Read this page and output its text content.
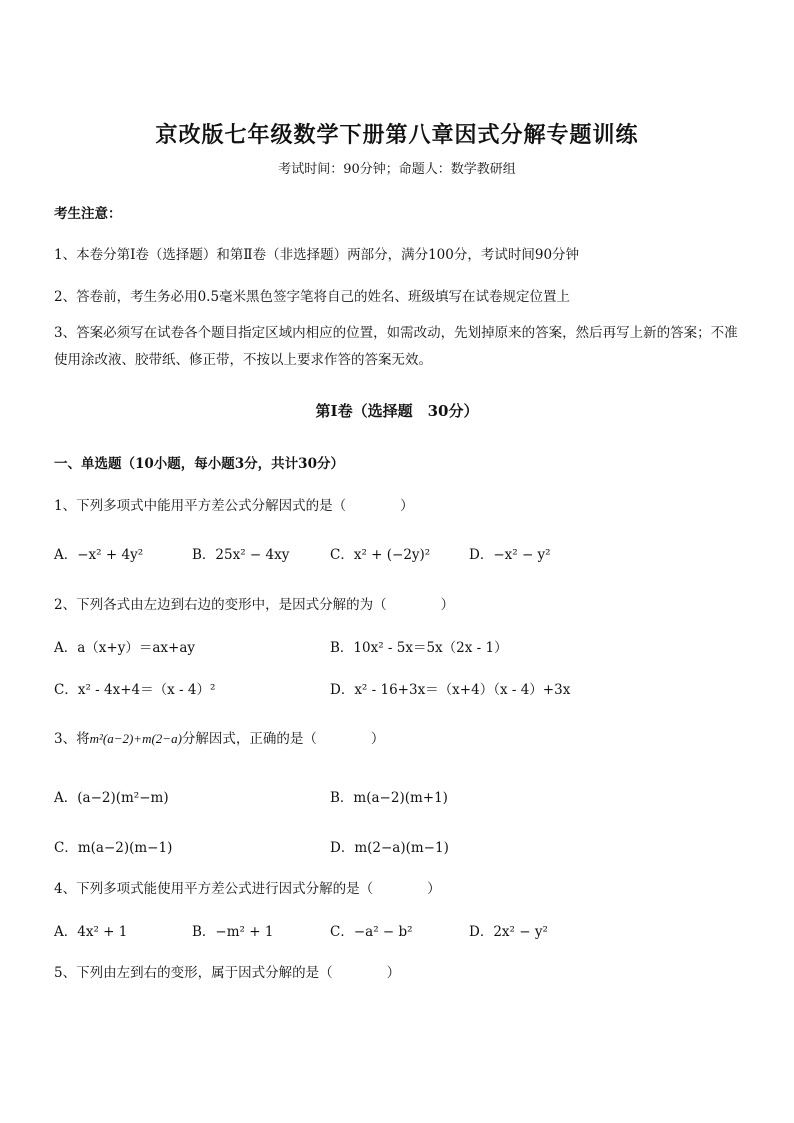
京改版七年级数学下册第八章因式分解专题训练
考试时间：90分钟；命题人：数学教研组
考生注意：
1、本卷分第Ⅰ卷（选择题）和第Ⅱ卷（非选择题）两部分，满分100分，考试时间90分钟
2、答卷前，考生务必用0.5毫米黑色签字笔将自己的姓名、班级填写在试卷规定位置上
3、答案必须写在试卷各个题目指定区域内相应的位置，如需改动，先划掉原来的答案，然后再写上新的答案；不准使用涂改液、胶带纸、修正带，不按以上要求作答的答案无效。
第Ⅰ卷（选择题　30分）
一、单选题（10小题，每小题3分，共计30分）
1、下列多项式中能用平方差公式分解因式的是（　　　　）
A．−x² + 4y²	B．25x² − 4xy	C．x² + (−2y)²	D．−x² − y²
2、下列各式由左边到右边的变形中，是因式分解的为（　　　　）
A．a（x+y）＝ax+ay	B．10x² - 5x＝5x（2x - 1）
C．x² - 4x+4＝（x - 4）²	D．x² - 16+3x＝（x+4）（x - 4）+3x
3、将m²(a−2)+m(2−a)分解因式，正确的是（　　　　）
A．(a−2)(m²−m)	B．m(a−2)(m+1)
C．m(a−2)(m−1)	D．m(2−a)(m−1)
4、下列多项式能使用平方差公式进行因式分解的是（　　　　）
A．4x² + 1	B．−m² + 1	C．−a² − b²	D．2x² − y²
5、下列由左到右的变形，属于因式分解的是（　　　　）
